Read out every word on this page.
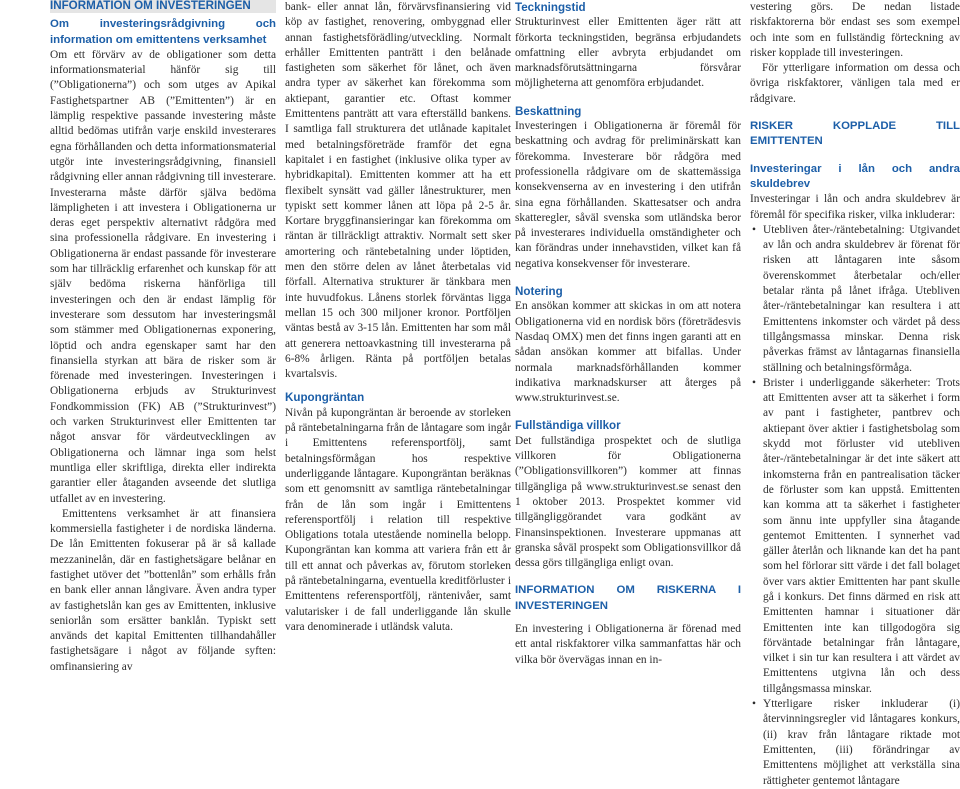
INFORMATION OM INVESTERINGEN
Om investeringsrådgivning och information om emittentens verksamhet

Om ett förvärv av de obligationer som detta informationsmaterial hänför sig till (”Obligationerna”) och som utges av Apikal Fastighetspartner AB (”Emittenten”) är en lämplig respektive passande investering måste alltid bedömas utifrån varje enskild investerares egna förhållanden och detta informationsmaterial utgör inte investeringsrådgivning, finansiell rådgivning eller annan rådgivning till investerare. Investerarna måste därför själva bedöma lämpligheten i att investera i Obligationerna ur deras eget perspektiv alternativt rådgöra med sina professionella rådgivare. En investering i Obligationerna är endast passande för investerare som har tillräcklig erfarenhet och kunskap för att själv bedöma riskerna hänförliga till investeringen och den är endast lämplig för investerare som dessutom har investeringsmål som stämmer med Obligationernas exponering, löptid och andra egenskaper samt har den finansiella styrkan att bära de risker som är förenade med investeringen. Investeringen i Obligationerna erbjuds av Strukturinvest Fondkommission (FK) AB (”Strukturinvest”) och varken Strukturinvest eller Emittenten tar något ansvar för värdeutvecklingen av Obligationerna och lämnar inga som helst muntliga eller skriftliga, direkta eller indirekta garantier eller åtaganden avseende det slutliga utfallet av en investering.

Emittentens verksamhet är att finansiera kommersiella fastigheter i de nordiska länderna. De lån Emittenten fokuserar på är så kallade mezzaninelån, där en fastighetsägare belånar en fastighet utöver det ”bottenlån” som erhålls från en bank eller annan långivare. Även andra typer av fastighetslån kan ges av Emittenten, inklusive seniorlån som ersätter banklån. Typiskt sett används det kapital Emittenten tillhandahåller fastighetsägare i något av följande syften: omfinansiering av

bank- eller annat lån, förvärvsfinansiering vid köp av fastighet, renovering, ombyggnad eller annan fastighetsförädling/utveckling. Normalt erhåller Emittenten panträtt i den belånade fastigheten som säkerhet för lånet, och även andra typer av säkerhet kan förekomma som aktiepant, garantier etc. Oftast kommer Emittentens panträtt att vara efterställd bankens. I samtliga fall strukturera det utlånade kapitalet med betalningsföreträde framför det egna kapitalet i en fastighet (inklusive olika typer av hybridkapital). Emittenten kommer att ha ett flexibelt synsätt vad gäller lånestrukturer, men typiskt sett kommer lånen att löpa på 2-5 år. Kortare bryggfinansieringar kan förekomma om räntan är tillräckligt attraktiv. Normalt sett sker amortering och räntebetalning under löptiden, men den större delen av lånet återbetalas vid förfall. Alternativa strukturer är tänkbara men inte huvudfokus. Lånens storlek förväntas ligga mellan 15 och 300 miljoner kronor. Portföljen väntas bestå av 3-15 lån. Emittenten har som mål att generera nettoavkastning till investerarna på 6-8% årligen. Ränta på portföljen betalas kvartalsvis.

Kupongräntan

Nivån på kupongräntan är beroende av storleken på räntebetalningarna från de låntagare som ingår i Emittentens referensportfölj, samt betalningsförmågan hos respektive underliggande låntagare. Kupongräntan beräknas som ett genomsnitt av samtliga räntebetalningar från de lån som ingår i Emittentens referensportfölj i relation till respektive Obligations totala utestående nominella belopp. Kupongräntan kan komma att variera från ett år till ett annat och påverkas av, förutom storleken på räntebetalningarna, eventuella kreditförluster i Emittentens referensportfölj, räntenivåer, samt valutarisker i de fall underliggande lån skulle vara denominerade i utländsk valuta.

Teckningstid

Strukturinvest eller Emittenten äger rätt att förkorta teckningstiden, begränsa erbjudandets omfattning eller avbryta erbjudandet om marknadsförutsättningarna försvårar möjligheterna att genomföra erbjudandet.

Beskattning

Investeringen i Obligationerna är föremål för beskattning och avdrag för preliminärskatt kan förekomma. Investerare bör rådgöra med professionella rådgivare om de skattemässiga konsekvenserna av en investering i den utifrån sina egna förhållanden. Skattesatser och andra skatteregler, såväl svenska som utländska beror på investerares individuella omständigheter och kan förändras under innehavstiden, vilket kan få negativa konsekvenser för investerare.

Notering

En ansökan kommer att skickas in om att notera Obligationerna vid en nordisk börs (företrädesvis Nasdaq OMX) men det finns ingen garanti att en sådan ansökan kommer att bifallas. Under normala marknadsförhållanden kommer indikativa marknadskurser att återges på www.strukturinvest.se.

Fullständiga villkor

Det fullständiga prospektet och de slutliga villkoren för Obligationerna (”Obligationsvillkoren”) kommer att finnas tillgängliga på www.strukturinvest.se senast den 1 oktober 2013. Prospektet kommer vid tillgängliggörandet vara godkänt av Finansinspektionen. Investerare uppmanas att granska såväl prospekt som Obligationsvillkor då dessa görs tillgängliga enligt ovan.

INFORMATION OM RISKERNA I INVESTERINGEN

En investering i Obligationerna är förenad med ett antal riskfaktorer vilka sammanfattas här och vilka bör övervägas innan en in-

vestering görs. De nedan listade riskfaktorerna bör endast ses som exempel och inte som en fullständig förteckning av risker kopplade till investeringen.

För ytterligare information om dessa och övriga riskfaktorer, vänligen tala med er rådgivare.

RISKER KOPPLADE TILL EMITTENTEN
Investeringar i lån och andra skuldebrev

Investeringar i lån och andra skuldebrev är föremål för specifika risker, vilka inkluderar:

• Utebliven åter-/räntebetalning: Utgivandet av lån och andra skuldebrev är förenat för risken att låntagaren inte såsom överenskommet återbetalar och/eller betalar ränta på lånet ifråga. Utebliven åter-/räntebetalningar kan resultera i att Emittentens inkomster och värdet på dess tillgångsmassa minskar. Denna risk påverkas främst av låntagarnas finansiella ställning och betalningsförmåga.
• Brister i underliggande säkerheter: Trots att Emittenten avser att ta säkerhet i form av pant i fastigheter, pantbrev och aktiepant över aktier i fastighetsbolag som skydd mot förluster vid utebliven åter-/räntebetalningar är det inte säkert att inkomsterna från en pantrealisation täcker de förluster som kan uppstå. Emittenten kan komma att ta säkerhet i fastigheter som ännu inte uppfyller sina åtagande gentemot Emittenten. I synnerhet vad gäller återlån och liknande kan det ha pant som hel förlorar sitt värde i det fall bolaget över vars aktier Emittenten har pant skulle gå i konkurs. Det finns därmed en risk att Emittenten hamnar i situationer där Emittenten inte kan tillgodogöra sig förväntade betalningar från låntagare, vilket i sin tur kan resultera i att värdet av Emittentens utgivna lån och dess tillgångsmassa minskar.
• Ytterligare risker inkluderar (i) återvinningsregler vid låntagares konkurs, (ii) krav från låntagare riktade mot Emittenten, (iii) förändringar av Emittentens möjlighet att verkställa sina rättigheter gentemot låntagare
